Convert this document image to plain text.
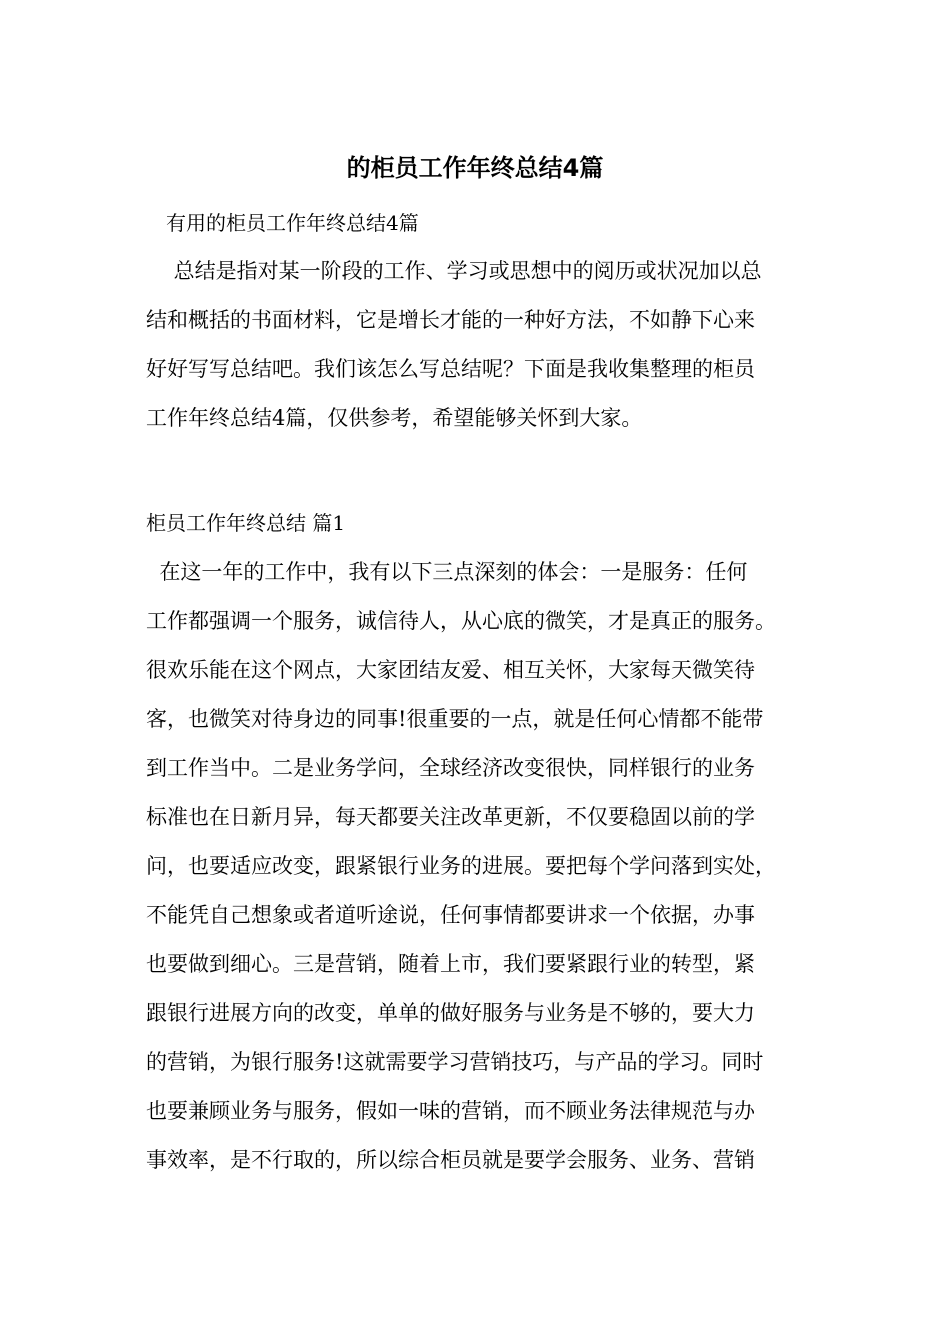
的柜员工作年终总结4篇
有用的柜员工作年终总结4篇
　 总结是指对某一阶段的工作、学习或思想中的阅历或状况加以总
结和概括的书面材料，它是增长才能的一种好方法，不如静下心来
好好写写总结吧。我们该怎么写总结呢？下面是我收集整理的柜员
工作年终总结4篇，仅供参考，希望能够关怀到大家。
柜员工作年终总结 篇1
在这一年的工作中，我有以下三点深刻的体会：一是服务：任何
工作都强调一个服务，诚信待人，从心底的微笑，才是真正的服务。
很欢乐能在这个网点，大家团结友爱、相互关怀，大家每天微笑待
客，也微笑对待身边的同事!很重要的一点，就是任何心情都不能带
到工作当中。二是业务学问，全球经济改变很快，同样银行的业务
标准也在日新月异，每天都要关注改革更新，不仅要稳固以前的学
问，也要适应改变，跟紧银行业务的进展。要把每个学问落到实处，
不能凭自己想象或者道听途说，任何事情都要讲求一个依据，办事
也要做到细心。三是营销，随着上市，我们要紧跟行业的转型，紧
跟银行进展方向的改变，单单的做好服务与业务是不够的，要大力
的营销，为银行服务!这就需要学习营销技巧，与产品的学习。同时
也要兼顾业务与服务，假如一味的营销，而不顾业务法律规范与办
事效率，是不行取的，所以综合柜员就是要学会服务、业务、营销
